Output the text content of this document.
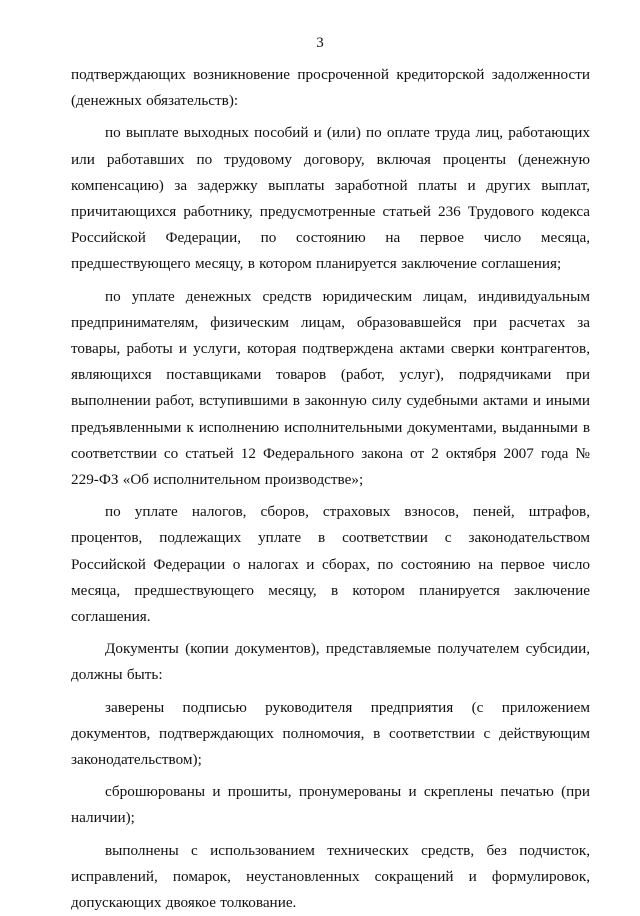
3

подтверждающих возникновение просроченной кредиторской задолженности (денежных обязательств):

по выплате выходных пособий и (или) по оплате труда лиц, работающих или работавших по трудовому договору, включая проценты (денежную компенсацию) за задержку выплаты заработной платы и других выплат, причитающихся работнику, предусмотренные статьей 236 Трудового кодекса Российской Федерации, по состоянию на первое число месяца, предшествующего месяцу, в котором планируется заключение соглашения;

по уплате денежных средств юридическим лицам, индивидуальным предпринимателям, физическим лицам, образовавшейся при расчетах за товары, работы и услуги, которая подтверждена актами сверки контрагентов, являющихся поставщиками товаров (работ, услуг), подрядчиками при выполнении работ, вступившими в законную силу судебными актами и иными предъявленными к исполнению исполнительными документами, выданными в соответствии со статьей 12 Федерального закона от 2 октября 2007 года № 229-ФЗ «Об исполнительном производстве»;

по уплате налогов, сборов, страховых взносов, пеней, штрафов, процентов, подлежащих уплате в соответствии с законодательством Российской Федерации о налогах и сборах, по состоянию на первое число месяца, предшествующего месяцу, в котором планируется заключение соглашения.

Документы (копии документов), представляемые получателем субсидии, должны быть:

заверены подписью руководителя предприятия (с приложением документов, подтверждающих полномочия, в соответствии с действующим законодательством);

сброшюрованы и прошиты, пронумерованы и скреплены печатью (при наличии);

выполнены с использованием технических средств, без подчисток, исправлений, помарок, неустановленных сокращений и формулировок, допускающих двоякое толкование.
